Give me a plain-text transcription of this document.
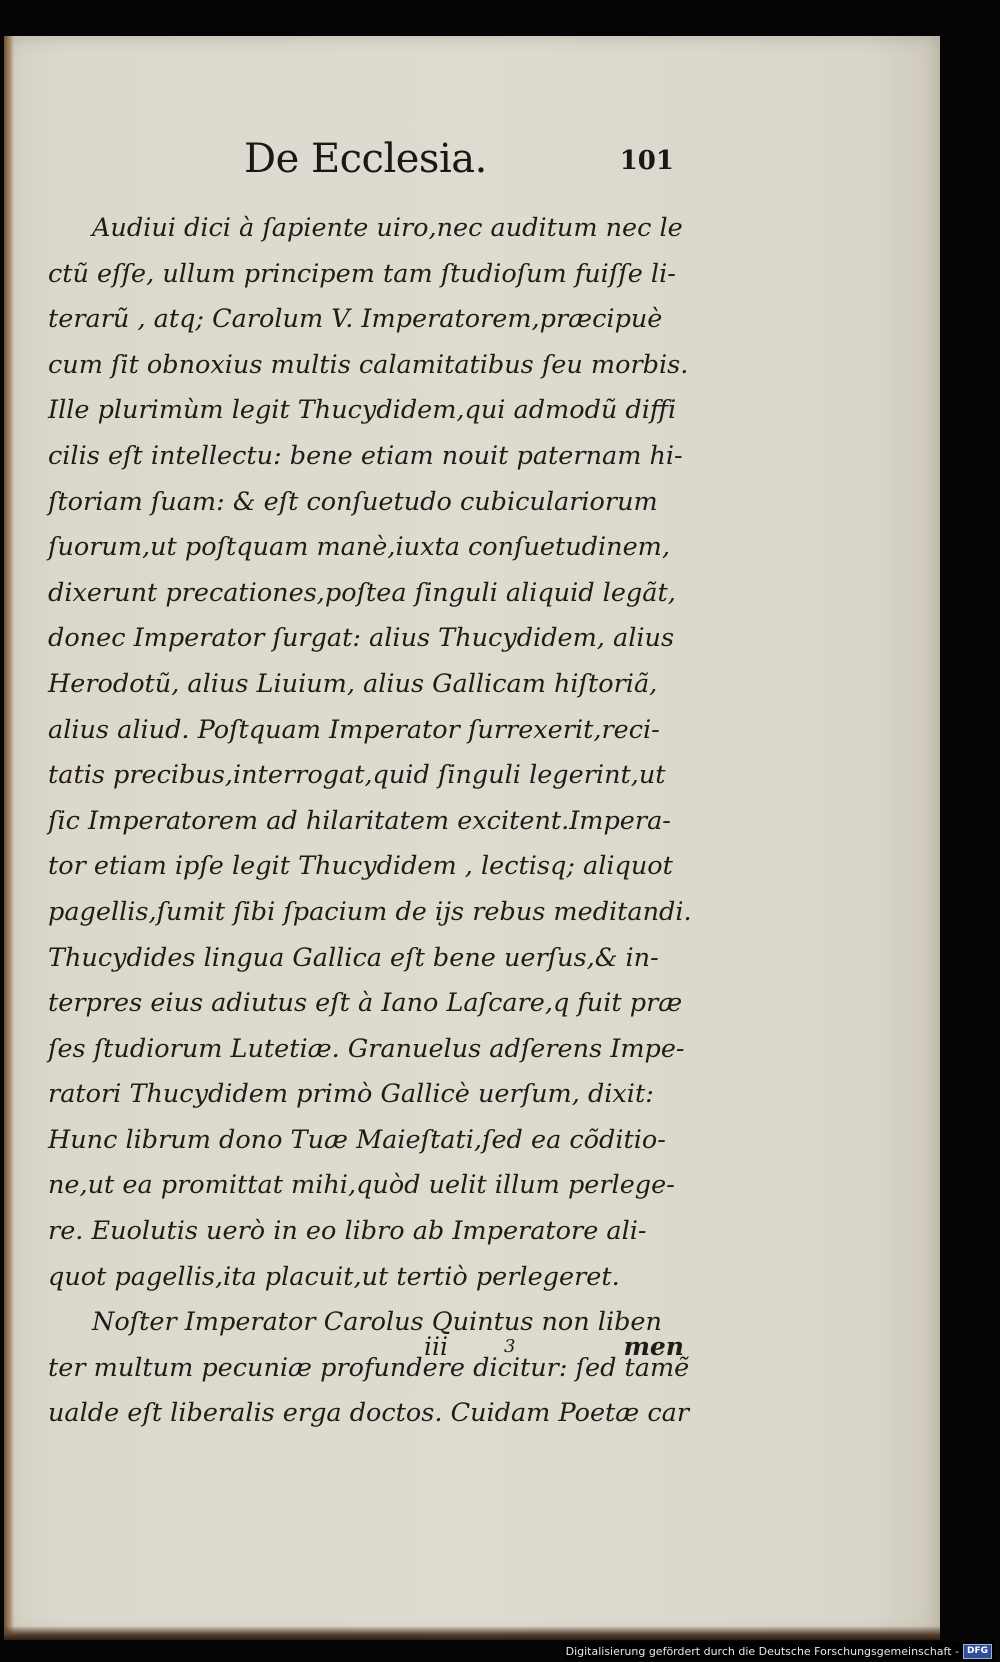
De Ecclesia.	101
Audiui dici à ſapiente uiro,nec auditum nec le
ctũ eſſe, ullum principem tam ſtudioſum fuiſſe li-
terarũ , atq; Carolum V. Imperatorem,præcipuè
cum ſit obnoxius multis calamitatibus ſeu morbis.
Ille plurimùm legit Thucydidem,qui admodũ diffi
cilis eſt intellectu: bene etiam nouit paternam hi-
ſtoriam ſuam: & eſt conſuetudo cubiculariorum
ſuorum,ut poſtquam manè,iuxta conſuetudinem,
dixerunt precationes,poſtea ſinguli aliquid legãt,
donec Imperator ſurgat: alius Thucydidem, alius
Herodotũ, alius Liuium, alius Gallicam hiſtoriã,
alius aliud. Poſtquam Imperator ſurrexerit,reci-
tatis precibus,interrogat,quid ſinguli legerint,ut
ſic Imperatorem ad hilaritatem excitent.Impera-
tor etiam ipſe legit Thucydidem , lectisq; aliquot
pagellis,ſumit ſibi ſpacium de ijs rebus meditandi.
Thucydides lingua Gallica eſt bene uerſus,& in-
terpres eius adiutus eſt à Iano Laſcare,q fuit præ
ſes ſtudiorum Lutetiæ. Granuelus adſerens Impe-
ratori Thucydidem primò Gallicè uerſum, dixit:
Hunc librum dono Tuæ Maieſtati,ſed ea cõditio-
ne,ut ea promittat mihi,quòd uelit illum perlege-
re. Euolutis uerò in eo libro ab Imperatore ali-
quot pagellis,ita placuit,ut tertiò perlegeret.
Noſter Imperator Carolus Quintus non liben
ter multum pecuniæ profundere dicitur: ſed tamẽ
ualde eſt liberalis erga doctos. Cuidam Poetæ car
iii	3	men
Digitalisierung gefördert durch die Deutsche Forschungsgemeinschaft - DFG
